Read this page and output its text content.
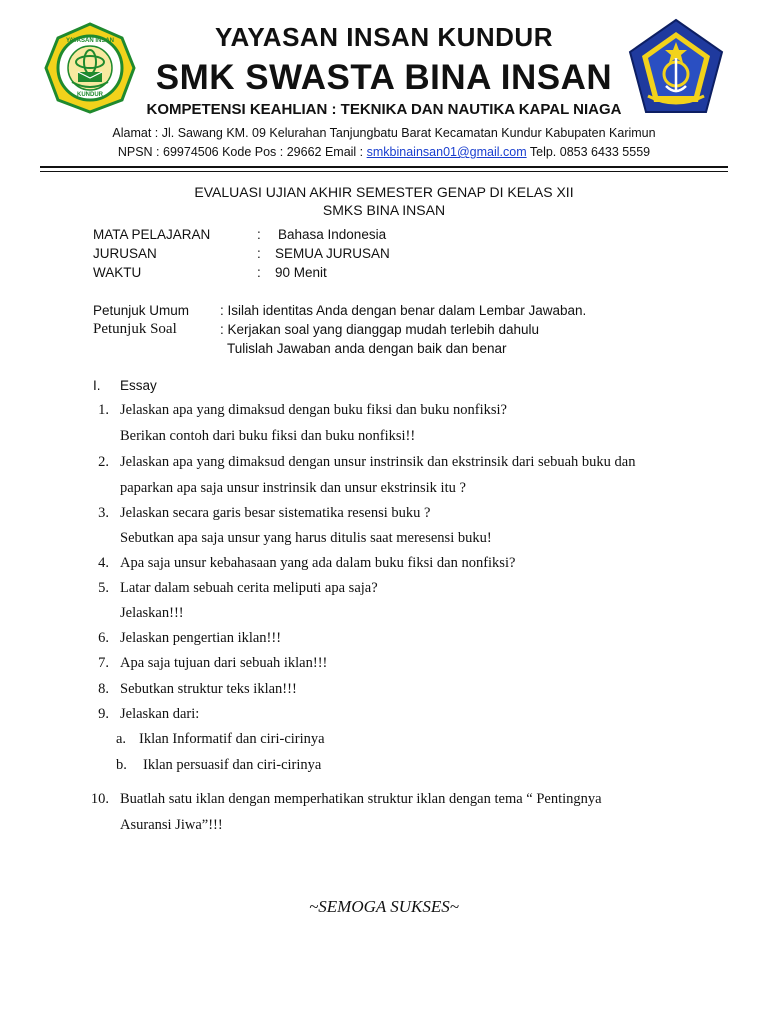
YAYASAN INSAN
KUNDUR
YAYASAN INSAN KUNDUR
SMK SWASTA BINA INSAN
KOMPETENSI KEAHLIAN : TEKNIKA DAN NAUTIKA KAPAL NIAGA
Alamat : Jl. Sawang KM. 09 Kelurahan Tanjungbatu Barat Kecamatan Kundur Kabupaten Karimun
NPSN : 69974506 Kode Pos : 29662 Email : smkbinainsan01@gmail.com Telp. 0853 6433 5559
EVALUASI UJIAN AKHIR SEMESTER GENAP DI KELAS XII
SMKS BINA INSAN
MATA PELAJARAN	: Bahasa Indonesia
JURUSAN	: SEMUA JURUSAN
WAKTU	: 90 Menit
Petunjuk Umum : Isilah identitas Anda dengan benar dalam Lembar Jawaban.
Petunjuk Soal	: Kerjakan soal yang dianggap mudah terlebih dahulu
Tulislah Jawaban anda dengan baik dan benar
I. Essay
1. Jelaskan apa yang dimaksud dengan buku fiksi dan buku nonfiksi?
Berikan contoh dari buku fiksi dan buku nonfiksi!!
2. Jelaskan apa yang dimaksud dengan unsur instrinsik dan ekstrinsik dari sebuah buku dan
paparkan apa saja unsur instrinsik dan unsur ekstrinsik itu ?
3. Jelaskan secara garis besar sistematika resensi buku ?
Sebutkan apa saja unsur yang harus ditulis saat meresensi buku!
4. Apa saja unsur kebahasaan yang ada dalam buku fiksi dan nonfiksi?
5. Latar dalam sebuah cerita meliputi apa saja?
Jelaskan!!!
6. Jelaskan pengertian iklan!!!
7. Apa saja tujuan dari sebuah iklan!!!
8. Sebutkan struktur teks iklan!!!
9. Jelaskan dari:
a. Iklan Informatif dan ciri-cirinya
b. Iklan persuasif dan ciri-cirinya
10. Buatlah satu iklan dengan memperhatikan struktur iklan dengan tema “ Pentingnya
Asuransi Jiwa”!!!
~SEMOGA SUKSES~
